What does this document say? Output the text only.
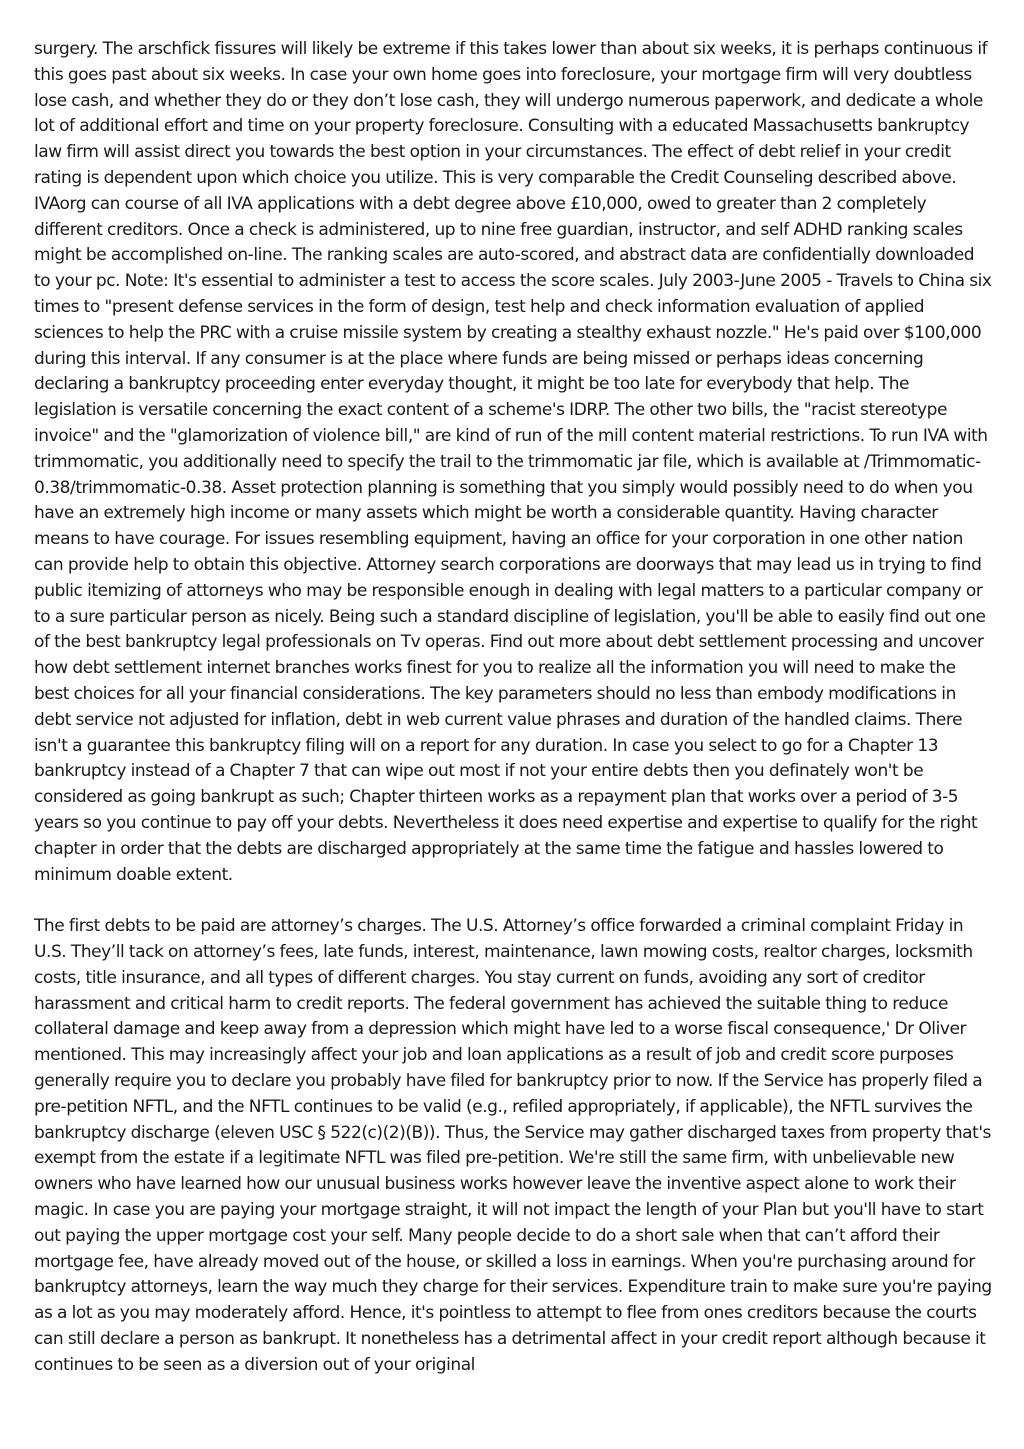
surgery. The arschfick fissures will likely be extreme if this takes lower than about six weeks, it is perhaps continuous if this goes past about six weeks. In case your own home goes into foreclosure, your mortgage firm will very doubtless lose cash, and whether they do or they don’t lose cash, they will undergo numerous paperwork, and dedicate a whole lot of additional effort and time on your property foreclosure. Consulting with a educated Massachusetts bankruptcy law firm will assist direct you towards the best option in your circumstances. The effect of debt relief in your credit rating is dependent upon which choice you utilize. This is very comparable the Credit Counseling described above. IVAorg can course of all IVA applications with a debt degree above £10,000, owed to greater than 2 completely different creditors. Once a check is administered, up to nine free guardian, instructor, and self ADHD ranking scales might be accomplished on-line. The ranking scales are auto-scored, and abstract data are confidentially downloaded to your pc. Note: It's essential to administer a test to access the score scales. July 2003-June 2005 - Travels to China six times to "present defense services in the form of design, test help and check information evaluation of applied sciences to help the PRC with a cruise missile system by creating a stealthy exhaust nozzle." He's paid over $100,000 during this interval. If any consumer is at the place where funds are being missed or perhaps ideas concerning declaring a bankruptcy proceeding enter everyday thought, it might be too late for everybody that help. The legislation is versatile concerning the exact content of a scheme's IDRP. The other two bills, the "racist stereotype invoice" and the "glamorization of violence bill," are kind of run of the mill content material restrictions. To run IVA with trimmomatic, you additionally need to specify the trail to the trimmomatic jar file, which is available at /Trimmomatic-0.38/trimmomatic-0.38. Asset protection planning is something that you simply would possibly need to do when you have an extremely high income or many assets which might be worth a considerable quantity. Having character means to have courage. For issues resembling equipment, having an office for your corporation in one other nation can provide help to obtain this objective. Attorney search corporations are doorways that may lead us in trying to find public itemizing of attorneys who may be responsible enough in dealing with legal matters to a particular company or to a sure particular person as nicely. Being such a standard discipline of legislation, you'll be able to easily find out one of the best bankruptcy legal professionals on Tv operas. Find out more about debt settlement processing and uncover how debt settlement internet branches works finest for you to realize all the information you will need to make the best choices for all your financial considerations. The key parameters should no less than embody modifications in debt service not adjusted for inflation, debt in web current value phrases and duration of the handled claims. There isn't a guarantee this bankruptcy filing will on a report for any duration. In case you select to go for a Chapter 13 bankruptcy instead of a Chapter 7 that can wipe out most if not your entire debts then you definately won't be considered as going bankrupt as such; Chapter thirteen works as a repayment plan that works over a period of 3-5 years so you continue to pay off your debts. Nevertheless it does need expertise and expertise to qualify for the right chapter in order that the debts are discharged appropriately at the same time the fatigue and hassles lowered to minimum doable extent.

The first debts to be paid are attorney’s charges. The U.S. Attorney’s office forwarded a criminal complaint Friday in U.S. They’ll tack on attorney’s fees, late funds, interest, maintenance, lawn mowing costs, realtor charges, locksmith costs, title insurance, and all types of different charges. You stay current on funds, avoiding any sort of creditor harassment and critical harm to credit reports. The federal government has achieved the suitable thing to reduce collateral damage and keep away from a depression which might have led to a worse fiscal consequence,' Dr Oliver mentioned. This may increasingly affect your job and loan applications as a result of job and credit score purposes generally require you to declare you probably have filed for bankruptcy prior to now. If the Service has properly filed a pre-petition NFTL, and the NFTL continues to be valid (e.g., refiled appropriately, if applicable), the NFTL survives the bankruptcy discharge (eleven USC § 522(c)(2)(B)). Thus, the Service may gather discharged taxes from property that's exempt from the estate if a legitimate NFTL was filed pre-petition. We're still the same firm, with unbelievable new owners who have learned how our unusual business works however leave the inventive aspect alone to work their magic. In case you are paying your mortgage straight, it will not impact the length of your Plan but you'll have to start out paying the upper mortgage cost your self. Many people decide to do a short sale when that can’t afford their mortgage fee, have already moved out of the house, or skilled a loss in earnings. When you're purchasing around for bankruptcy attorneys, learn the way much they charge for their services. Expenditure train to make sure you're paying as a lot as you may moderately afford. Hence, it's pointless to attempt to flee from ones creditors because the courts can still declare a person as bankrupt. It nonetheless has a detrimental affect in your credit report although because it continues to be seen as a diversion out of your original
